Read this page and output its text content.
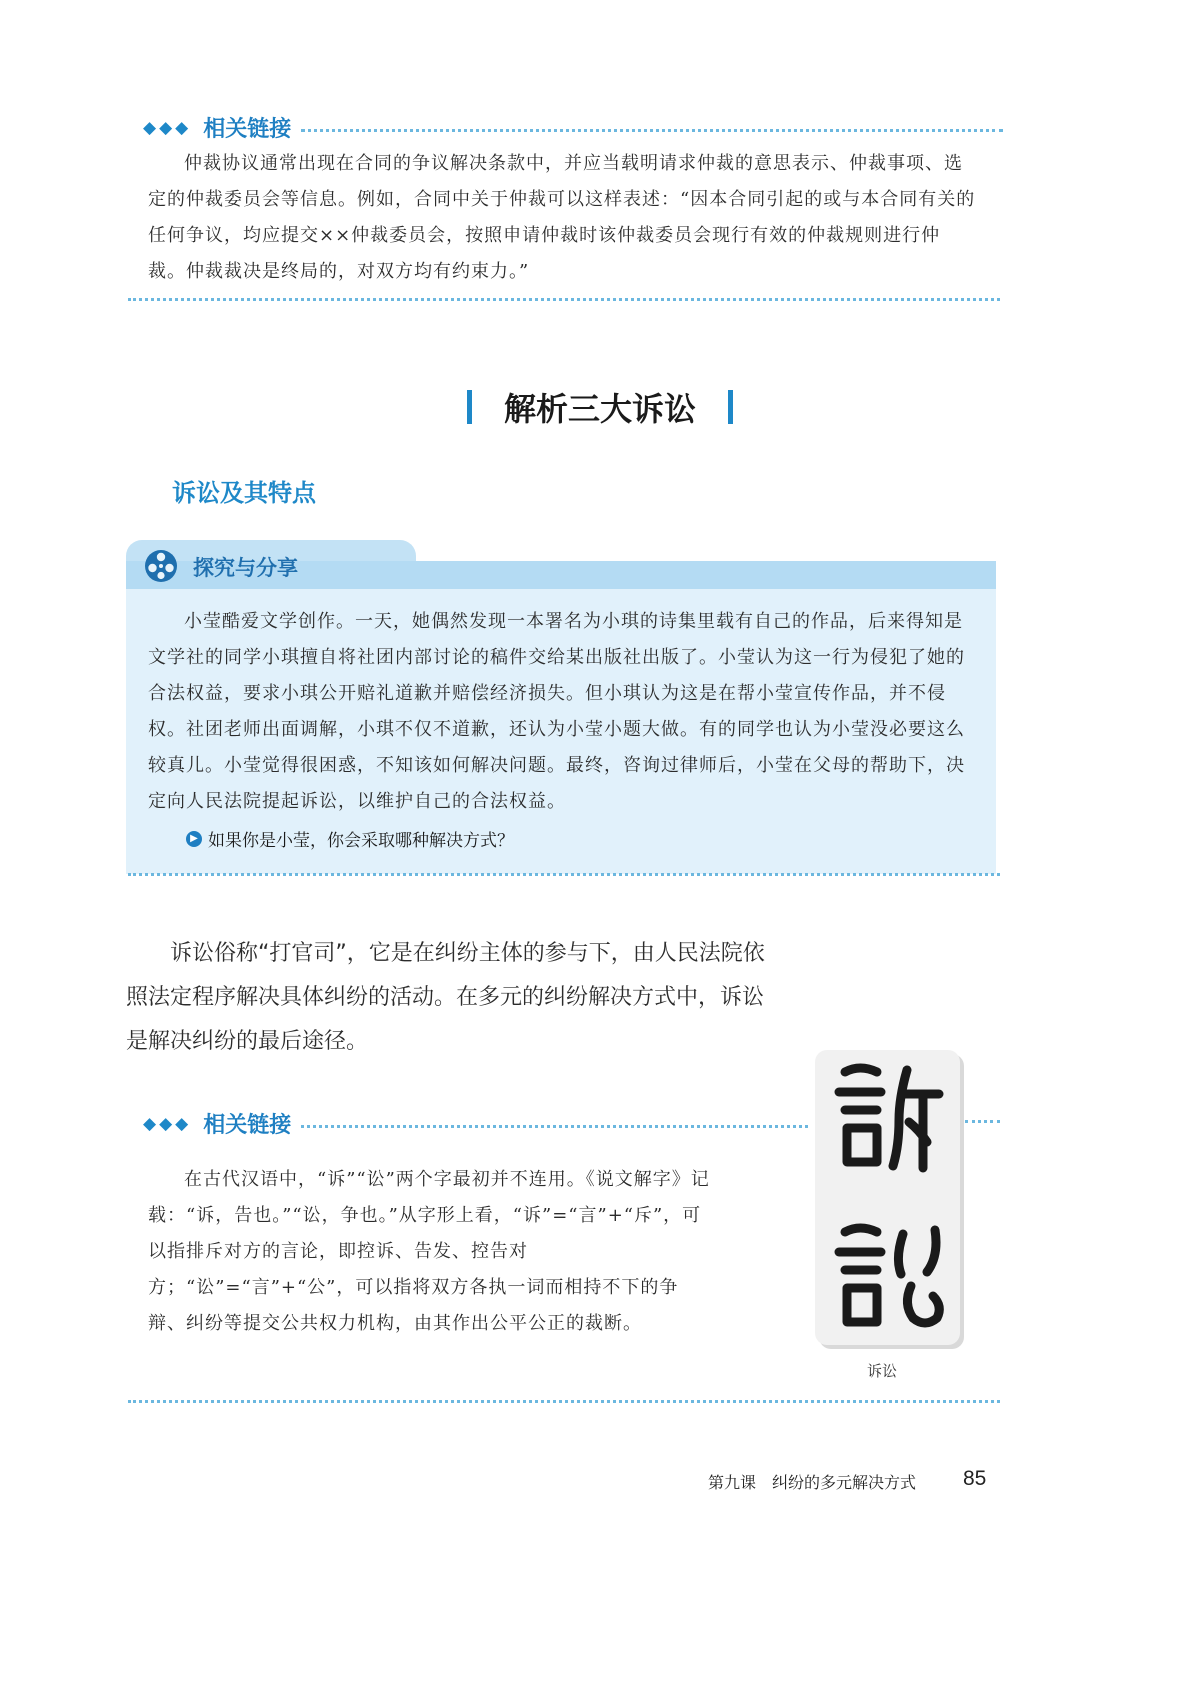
◆◆◆ 相关链接

仲裁协议通常出现在合同的争议解决条款中，并应当载明请求仲裁的意思表示、仲裁事项、选定的仲裁委员会等信息。例如，合同中关于仲裁可以这样表述：“因本合同引起的或与本合同有关的任何争议，均应提交××仲裁委员会，按照申请仲裁时该仲裁委员会现行有效的仲裁规则进行仲裁。仲裁裁决是终局的，对双方均有约束力。”

解析三大诉讼
诉讼及其特点
探究与分享

小莹酷爱文学创作。一天，她偶然发现一本署名为小琪的诗集里载有自己的作品，后来得知是文学社的同学小琪擅自将社团内部讨论的稿件交给某出版社出版了。小莹认为这一行为侵犯了她的合法权益，要求小琪公开赔礼道歉并赔偿经济损失。但小琪认为这是在帮小莹宣传作品，并不侵权。社团老师出面调解，小琪不仅不道歉，还认为小莹小题大做。有的同学也认为小莹没必要这么较真儿。小莹觉得很困惑，不知该如何解决问题。最终，咨询过律师后，小莹在父母的帮助下，决定向人民法院提起诉讼，以维护自己的合法权益。

▶ 如果你是小莹，你会采取哪种解决方式？

诉讼俗称“打官司”，它是在纠纷主体的参与下，由人民法院依照法定程序解决具体纠纷的活动。在多元的纠纷解决方式中，诉讼是解决纠纷的最后途径。

◆◆◆ 相关链接

在古代汉语中，“诉”“讼”两个字最初并不连用。《说文解字》记载：“诉，告也。”“讼，争也。”从字形上看，“诉”=“言”+“斥”，可以指排斥对方的言论，即控诉、告发、控告对方；“讼”=“言”+“公”，可以指将双方各执一词而相持不下的争辩、纠纷等提交公共权力机构，由其作出公平公正的裁断。

诉讼
第九课　纠纷的多元解决方式 85
